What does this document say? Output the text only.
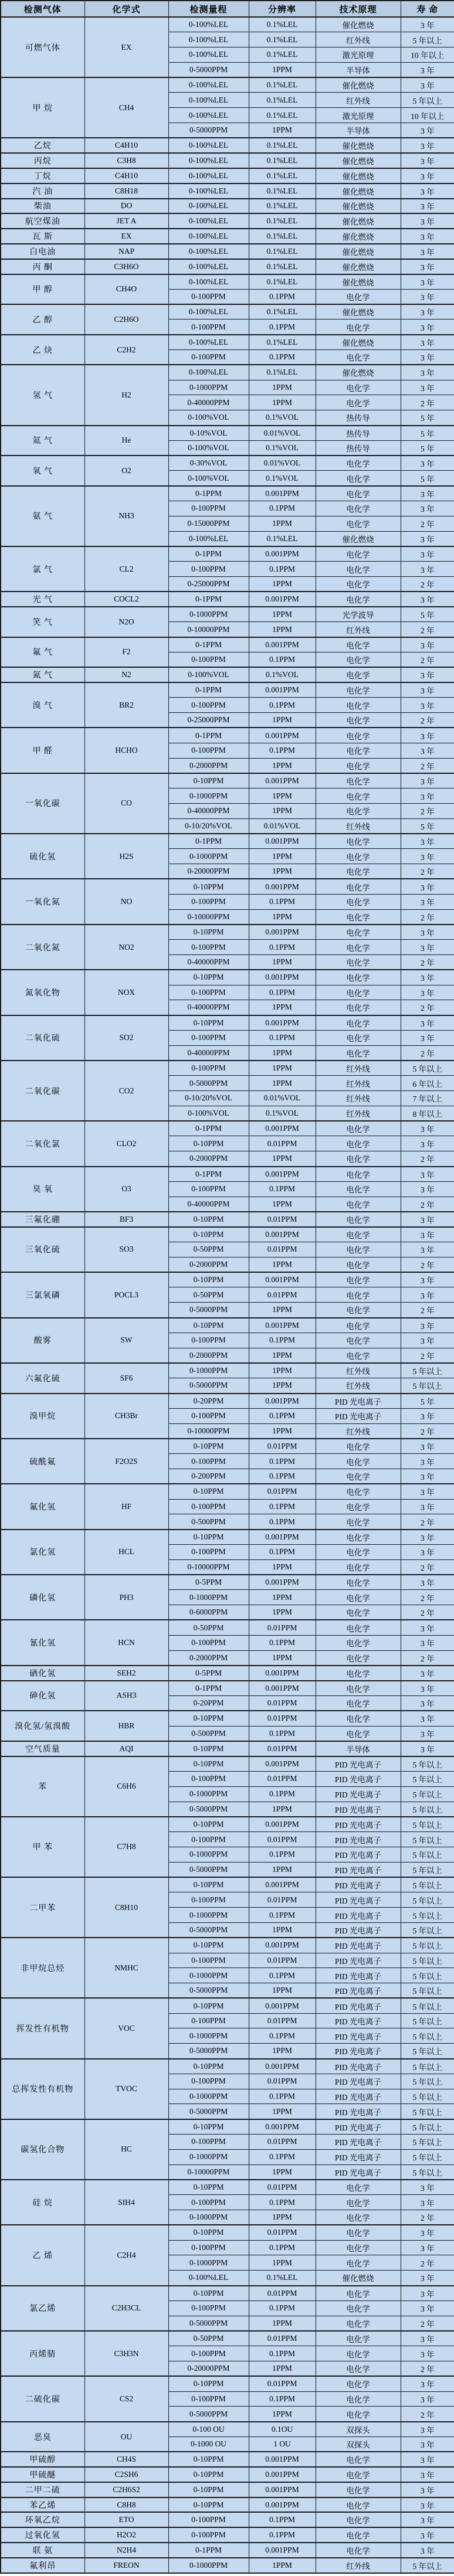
检测气体	化学式	检测量程	分辨率	技术原理	寿 命
可燃气体	EX	0-100%LEL	0.1%LEL	催化燃烧	3 年
		0-100%LEL	0.1%LEL	红外线	5 年以上
		0-100%LEL	0.1%LEL	激光原理	10 年以上
		0-5000PPM	1PPM	半导体	3 年
甲 烷	CH4	0-100%LEL	0.1%LEL	催化燃烧	3 年
		0-100%LEL	0.1%LEL	红外线	5 年以上
		0-100%LEL	0.1%LEL	激光原理	10 年以上
		0-5000PPM	1PPM	半导体	3 年
乙烷	C4H10	0-100%LEL	0.1%LEL	催化燃烧	3 年
丙烷	C3H8	0-100%LEL	0.1%LEL	催化燃烧	3 年
丁烷	C4H10	0-100%LEL	0.1%LEL	催化燃烧	3 年
汽 油	C8H18	0-100%LEL	0.1%LEL	催化燃烧	3 年
柴油	DO	0-100%LEL	0.1%LEL	催化燃烧	3 年
航空煤油	JET A	0-100%LEL	0.1%LEL	催化燃烧	3 年
瓦 斯	EX	0-100%LEL	0.1%LEL	催化燃烧	3 年
白电油	NAP	0-100%LEL	0.1%LEL	催化燃烧	3 年
丙 酮	C3H6O	0-100%LEL	0.1%LEL	催化燃烧	3 年
甲 醇	CH4O	0-100%LEL	0.1%LEL	催化燃烧	3 年
		0-100PPM	0.1PPM	电化学	3 年
乙 醇	C2H6O	0-100%LEL	0.1%LEL	催化燃烧	3 年
		0-100PPM	0.1PPM	电化学	3 年
乙 炔	C2H2	0-100%LEL	0.1%LEL	催化燃烧	3 年
		0-100PPM	0.1PPM	电化学	3 年
氢 气	H2	0-100%LEL	0.1%LEL	催化燃烧	3 年
		0-1000PPM	1PPM	电化学	3 年
		0-40000PPM	1PPM	电化学	2 年
		0-100%VOL	0.1%VOL	热传导	5 年
氦 气	He	0-10%VOL	0.01%VOL	热传导	5 年
		0-100%VOL	0.1%VOL	热传导	5 年
氧 气	O2	0-30%VOL	0.01%VOL	电化学	3 年
		0-100%VOL	0.1%VOL	电化学	5 年
氨 气	NH3	0-1PPM	0.001PPM	电化学	3 年
		0-100PPM	0.1PPM	电化学	3 年
		0-15000PPM	1PPM	电化学	2 年
		0-100%LEL	0.1%LEL	催化燃烧	3 年
氯 气	CL2	0-1PPM	0.001PPM	电化学	3 年
		0-100PPM	0.1PPM	电化学	3 年
		0-25000PPM	1PPM	电化学	2 年
光 气	COCL2	0-1PPM	0.001PPM	电化学	3 年
笑 气	N2O	0-1000PPM	1PPM	光学波导	5 年
		0-10000PPM	1PPM	红外线	2 年
氟 气	F2	0-1PPM	0.001PPM	电化学	3 年
		0-100PPM	0.1PPM	电化学	2 年
氮 气	N2	0-100%VOL	0.1%VOL	电化学	3 年
溴 气	BR2	0-1PPM	0.001PPM	电化学	3 年
		0-100PPM	0.1PPM	电化学	3 年
		0-25000PPM	1PPM	电化学	2 年
甲 醛	HCHO	0-1PPM	0.001PPM	电化学	3 年
		0-100PPM	0.1PPM	电化学	3 年
		0-2000PPM	1PPM	电化学	2 年
一氧化碳	CO	0-10PPM	0.001PPM	电化学	3 年
		0-1000PPM	1PPM	电化学	3 年
		0-40000PPM	1PPM	电化学	2 年
		0-10/20%VOL	0.01%VOL	红外线	5 年
硫化氢	H2S	0-1PPM	0.001PPM	电化学	3 年
		0-1000PPM	1PPM	电化学	3 年
		0-20000PPM	1PPM	电化学	2 年
一氧化氮	NO	0-10PPM	0.001PPM	电化学	3 年
		0-100PPM	0.1PPM	电化学	3 年
		0-10000PPM	1PPM	电化学	2 年
二氧化氮	NO2	0-10PPM	0.001PPM	电化学	3 年
		0-100PPM	0.1PPM	电化学	3 年
		0-40000PPM	1PPM	电化学	2 年
氮氧化物	NOX	0-10PPM	0.001PPM	电化学	3 年
		0-100PPM	0.1PPM	电化学	3 年
		0-40000PPM	1PPM	电化学	2 年
二氧化硫	SO2	0-10PPM	0.001PPM	电化学	3 年
		0-100PPM	0.1PPM	电化学	3 年
		0-40000PPM	1PPM	电化学	2 年
二氧化碳	CO2	0-100PPM	1PPM	红外线	5 年以上
		0-5000PPM	1PPM	红外线	6 年以上
		0-10/20%VOL	0.01%VOL	红外线	7 年以上
		0-100%VOL	0.1%VOL	红外线	8 年以上
二氧化氯	CLO2	0-1PPM	0.001PPM	电化学	3 年
		0-10PPM	0.01PPM	电化学	3 年
		0-2000PPM	1PPM	电化学	2 年
臭 氧	O3	0-1PPM	0.001PPM	电化学	3 年
		0-100PPM	0.1PPM	电化学	3 年
		0-40000PPM	1PPM	电化学	2 年
三氟化硼	BF3	0-10PPM	0.01PPM	电化学	3 年
三氧化硫	SO3	0-10PPM	0.001PPM	电化学	3 年
		0-50PPM	0.01PPM	电化学	3 年
		0-2000PPM	1PPM	电化学	2 年
三氯氧磷	POCL3	0-10PPM	0.001PPM	电化学	3 年
		0-50PPM	0.01PPM	电化学	3 年
		0-5000PPM	1PPM	电化学	2 年
酸雾	SW	0-10PPM	0.001PPM	电化学	3 年
		0-100PPM	0.1PPM	电化学	3 年
		0-2000PPM	1PPM	电化学	2 年
六氟化硫	SF6	0-1000PPM	1PPM	红外线	5 年以上
		0-5000PPM	1PPM	红外线	5 年以上
溴甲烷	CH3Br	0-20PPM	0.001PPM	PID 光电离子	5 年
		0-100PPM	0.1PPM	PID 光电离子	3 年
		0-10000PPM	1PPM	红外线	2 年
硫酰氟	F2O2S	0-10PPM	0.01PPM	电化学	3 年
		0-100PPM	0.1PPM	电化学	3 年
		0-200PPM	0.1PPM	电化学	3 年
氟化氢	HF	0-10PPM	0.01PPM	电化学	3 年
		0-100PPM	0.1PPM	电化学	3 年
		0-500PPM	0.1PPM	电化学	2 年
氯化氢	HCL	0-10PPM	0.001PPM	电化学	3 年
		0-100PPM	0.1PPM	电化学	3 年
		0-10000PPM	1PPM	电化学	2 年
磷化氢	PH3	0-5PPM	0.001PPM	电化学	3 年
		0-1000PPM	1PPM	电化学	2 年
		0-6000PPM	1PPM	电化学	2 年
氰化氢	HCN	0-50PPM	0.01PPM	电化学	3 年
		0-100PPM	0.1PPM	电化学	3 年
		0-2000PPM	1PPM	电化学	2 年
硒化氢	SEH2	0-5PPM	0.001PPM	电化学	3 年
砷化氢	ASH3	0-1PPM	0.001PPM	电化学	3 年
		0-20PPM	0.01PPM	电化学	3 年
溴化氢/氢溴酸	HBR	0-10PPM	0.01PPM	电化学	3 年
		0-500PPM	0.1PPM	电化学	3 年
空气质量	AQI	0-10PPM	0.01PPM	半导体	3 年
苯	C6H6	0-10PPM	0.001PPM	PID 光电离子	5 年以上
		0-100PPM	0.01PPM	PID 光电离子	5 年以上
		0-1000PPM	0.1PPM	PID 光电离子	5 年以上
		0-5000PPM	1PPM	PID 光电离子	5 年以上
甲 苯	C7H8	0-10PPM	0.001PPM	PID 光电离子	5 年以上
		0-100PPM	0.01PPM	PID 光电离子	5 年以上
		0-1000PPM	0.1PPM	PID 光电离子	5 年以上
		0-5000PPM	1PPM	PID 光电离子	5 年以上
二甲苯	C8H10	0-10PPM	0.001PPM	PID 光电离子	5 年以上
		0-100PPM	0.01PPM	PID 光电离子	5 年以上
		0-1000PPM	0.1PPM	PID 光电离子	5 年以上
		0-5000PPM	1PPM	PID 光电离子	5 年以上
非甲烷总烃	NMHC	0-10PPM	0.001PPM	PID 光电离子	5 年以上
		0-100PPM	0.01PPM	PID 光电离子	5 年以上
		0-1000PPM	0.1PPM	PID 光电离子	5 年以上
		0-5000PPM	1PPM	PID 光电离子	5 年以上
挥发性有机物	VOC	0-10PPM	0.001PPM	PID 光电离子	5 年以上
		0-100PPM	0.01PPM	PID 光电离子	5 年以上
		0-1000PPM	0.1PPM	PID 光电离子	5 年以上
		0-5000PPM	1PPM	PID 光电离子	5 年以上
总挥发性有机物	TVOC	0-10PPM	0.001PPM	PID 光电离子	5 年以上
		0-100PPM	0.01PPM	PID 光电离子	5 年以上
		0-1000PPM	0.1PPM	PID 光电离子	5 年以上
		0-5000PPM	1PPM	PID 光电离子	5 年以上
碳氢化合物	HC	0-10PPM	0.001PPM	PID 光电离子	5 年以上
		0-100PPM	0.01PPM	PID 光电离子	5 年以上
		0-1000PPM	0.1PPM	PID 光电离子	5 年以上
		0-10000PPM	1PPM	PID 光电离子	5 年以上
硅 烷	SIH4	0-10PPM	0.01PPM	电化学	3 年
		0-100PPM	0.1PPM	电化学	3 年
		0-1000PPM	1PPM	电化学	2 年
乙 烯	C2H4	0-10PPM	0.01PPM	电化学	3 年
		0-100PPM	0.1PPM	电化学	3 年
		0-1000PPM	1PPM	电化学	2 年
		0-100%LEL	0.1%LEL	催化燃烧	3 年
氯乙烯	C2H3CL	0-10PPM	0.01PPM	电化学	3 年
		0-100PPM	0.1PPM	电化学	3 年
		0-5000PPM	1PPM	电化学	2 年
丙烯腈	C3H3N	0-50PPM	0.01PPM	电化学	3 年
		0-100PPM	0.1PPM	电化学	3 年
		0-20000PPM	1PPM	电化学	2 年
二硫化碳	CS2	0-10PPM	0.01PPM	电化学	3 年
		0-100PPM	0.1PPM	电化学	3 年
		0-5000PPM	1PPM	电化学	2 年
恶臭	OU	0-100 OU	0.1OU	双探头	3 年
		0-1000 OU	1 OU	双探头	3 年
甲硫醇	CH4S	0-10PPM	0.001PPM	电化学	3 年
甲硫醚	C2SH6	0-10PPM	0.001PPM	电化学	3 年
二甲二硫	C2H6S2	0-10PPM	0.001PPM	电化学	3 年
苯乙烯	C8H8	0-10PPM	0.001PPM	电化学	3 年
环氧乙烷	ETO	0-100PPM	0.1PPM	电化学	3 年
过氧化氢	H2O2	0-100PPM	0.1PPM	电化学	3 年
联 氨	N2H4	0-1PPM	0.001PPM	电化学	3 年
氟利昂	FREON	0-1000PPM	1PPM	红外线	5 年以上
